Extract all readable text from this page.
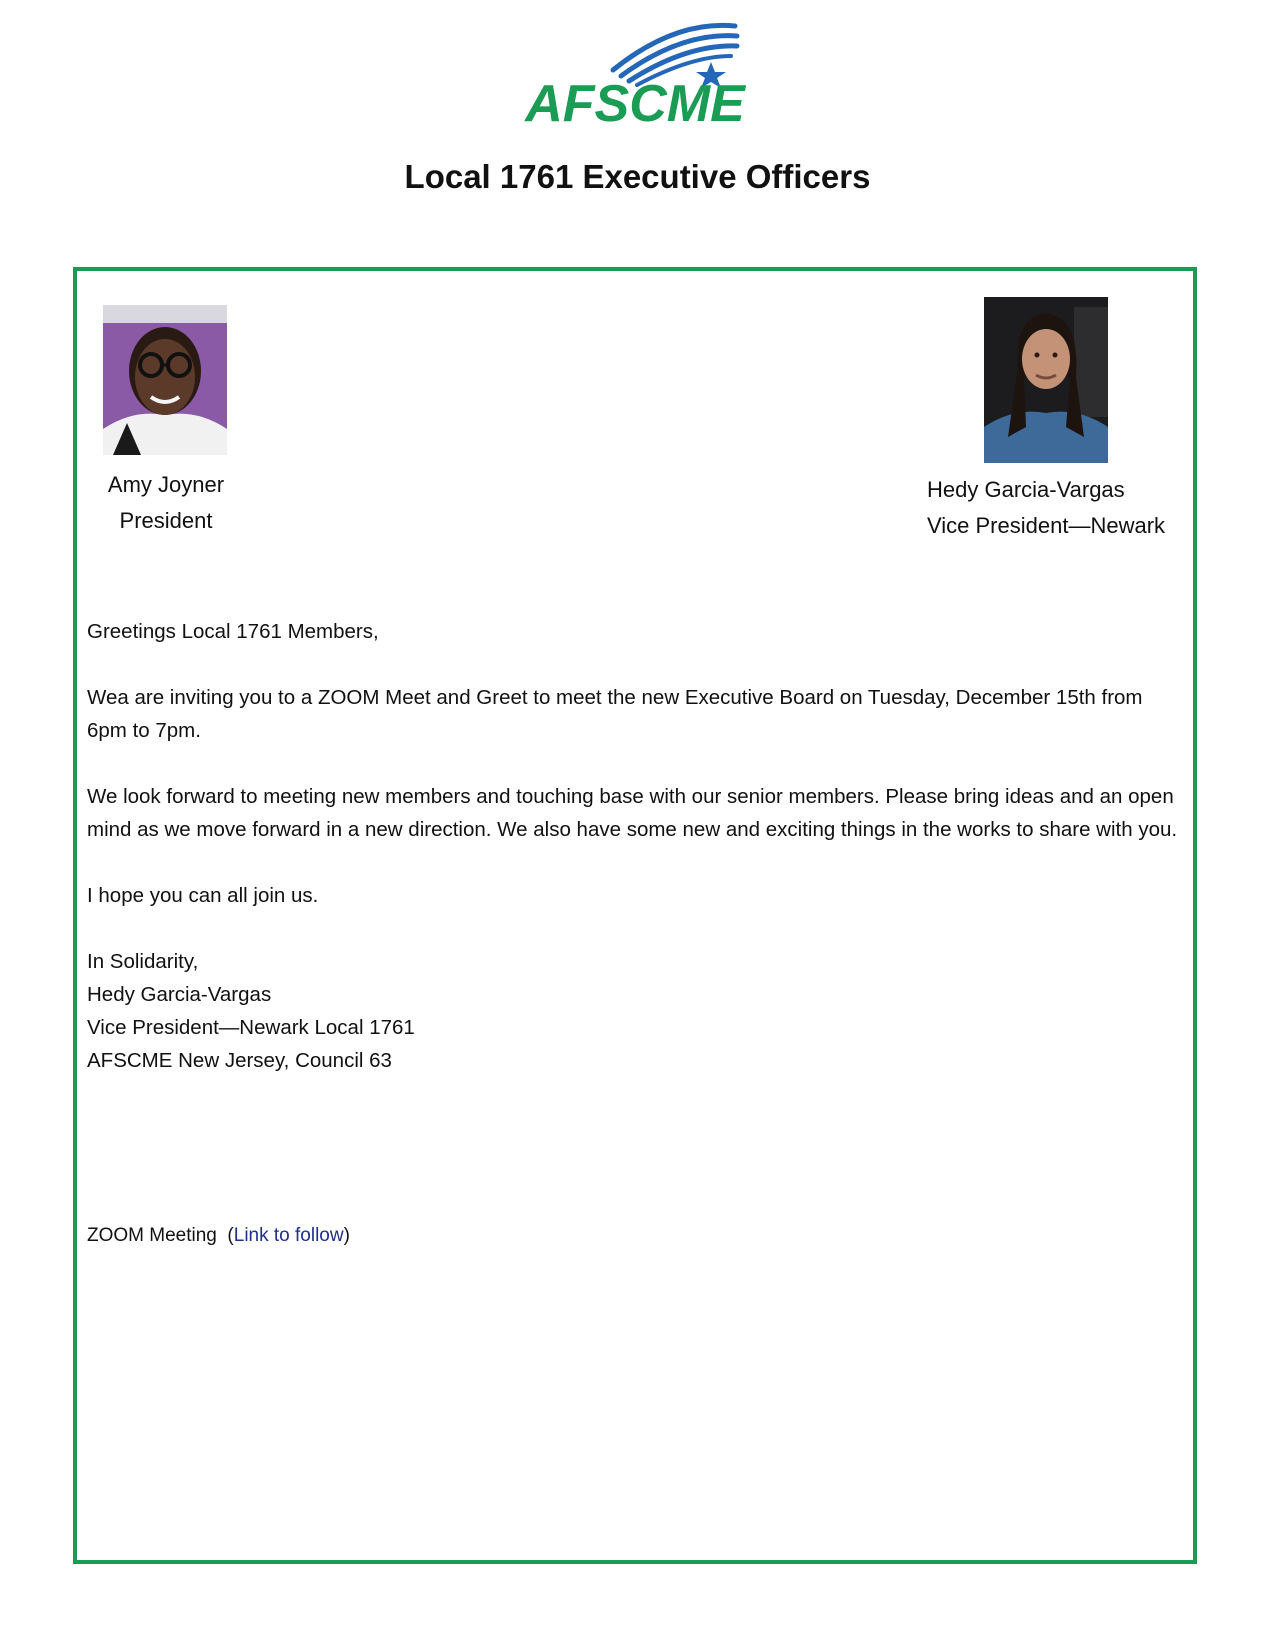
AFSCME
Local 1761 Executive Officers
Amy Joyner
President
Hedy Garcia-Vargas
Vice President—Newark

Greetings Local 1761 Members,

Wea are inviting you to a ZOOM Meet and Greet to meet the new Executive Board on Tuesday, December 15th from 6pm to 7pm.

We look forward to meeting new members and touching base with our senior members. Please bring ideas and an open mind as we move forward in a new direction. We also have some new and exciting things in the works to share with you.

I hope you can all join us.

In Solidarity,
Hedy Garcia-Vargas
Vice President—Newark Local 1761
AFSCME New Jersey, Council 63
ZOOM Meeting  (Link to follow)
